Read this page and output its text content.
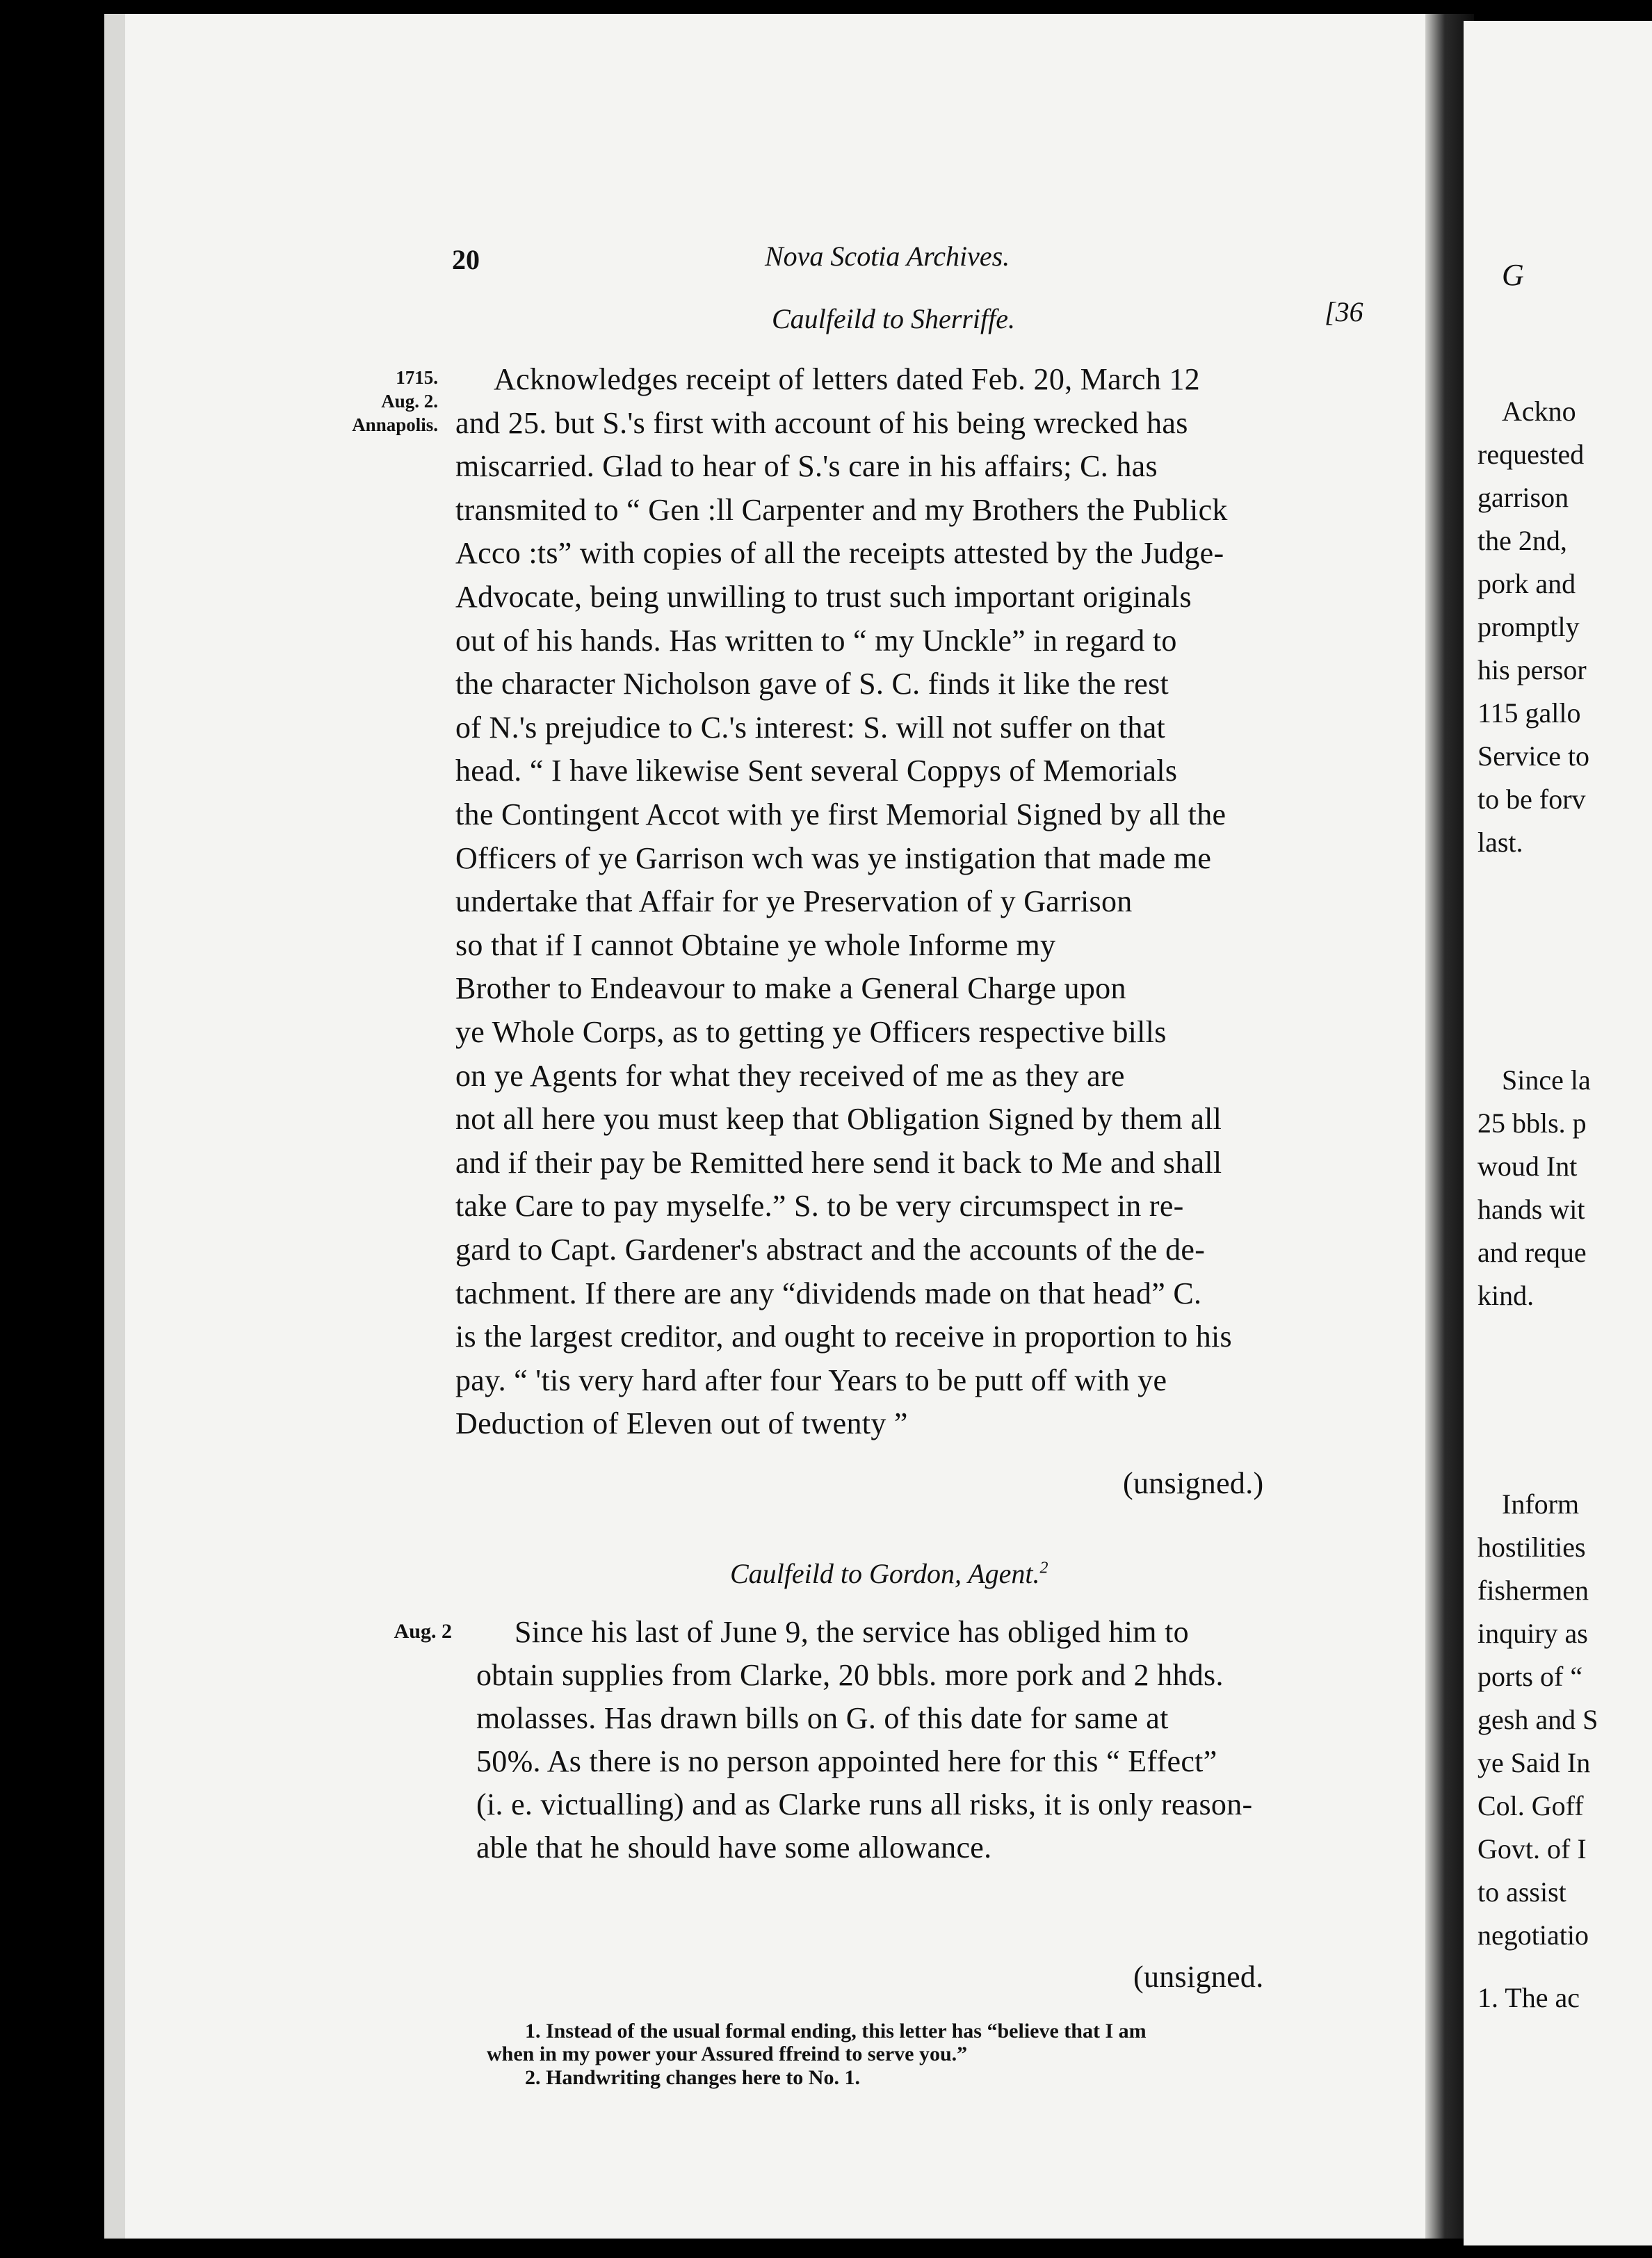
Ackno
requested
garrison
the 2nd,
pork and
promptly
his persor
115 gallo
Service to
to be forv
last.
Since la
25 bbls. p
woud Int
hands wit
and reque
kind.
Inform
hostilities
fishermen
inquiry as
ports of “
gesh and S
ye Said In
Col. Goff
Govt. of I
to assist
negotiatio
1. The ac
20	Nova Scotia Archives.
G
Caulfeild to Sherriffe.	[36
1715.
Aug. 2.
Annapolis.
Acknowledges receipt of letters dated Feb. 20, March 12
and 25. but S.'s first with account of his being wrecked has
miscarried. Glad to hear of S.'s care in his affairs; C. has
transmited to “ Gen :ll Carpenter and my Brothers the Publick
Acco :ts” with copies of all the receipts attested by the Judge-
Advocate, being unwilling to trust such important originals
out of his hands. Has written to “ my Unckle” in regard to
the character Nicholson gave of S. C. finds it like the rest
of N.'s prejudice to C.'s interest: S. will not suffer on that
head. “ I have likewise Sent several Coppys of Memorials
the Contingent Accot with ye first Memorial Signed by all the
Officers of ye Garrison wch was ye instigation that made me
undertake that Affair for ye Preservation of y Garrison
so that if I cannot Obtaine ye whole Informe my
Brother to Endeavour to make a General Charge upon
ye Whole Corps, as to getting ye Officers respective bills
on ye Agents for what they received of me as they are
not all here you must keep that Obligation Signed by them all
and if their pay be Remitted here send it back to Me and shall
take Care to pay myselfe.” S. to be very circumspect in re-
gard to Capt. Gardener's abstract and the accounts of the de-
tachment. If there are any “dividends made on that head” C.
is the largest creditor, and ought to receive in proportion to his
pay. “ 'tis very hard after four Years to be putt off with ye
Deduction of Eleven out of twenty ”
(unsigned.)
Caulfeild to Gordon, Agent.$^2$
Aug. 2 Since his last of June 9, the service has obliged him to
obtain supplies from Clarke, 20 bbls. more pork and 2 hhds.
molasses. Has drawn bills on G. of this date for same at
50%. As there is no person appointed here for this “ Effect”
(i. e. victualling) and as Clarke runs all risks, it is only reason-
able that he should have some allowance.
(unsigned.
1. Instead of the usual formal ending, this letter has “believe that I am
when in my power your Assured ffreind to serve you.”
2. Handwriting changes here to No. 1.
